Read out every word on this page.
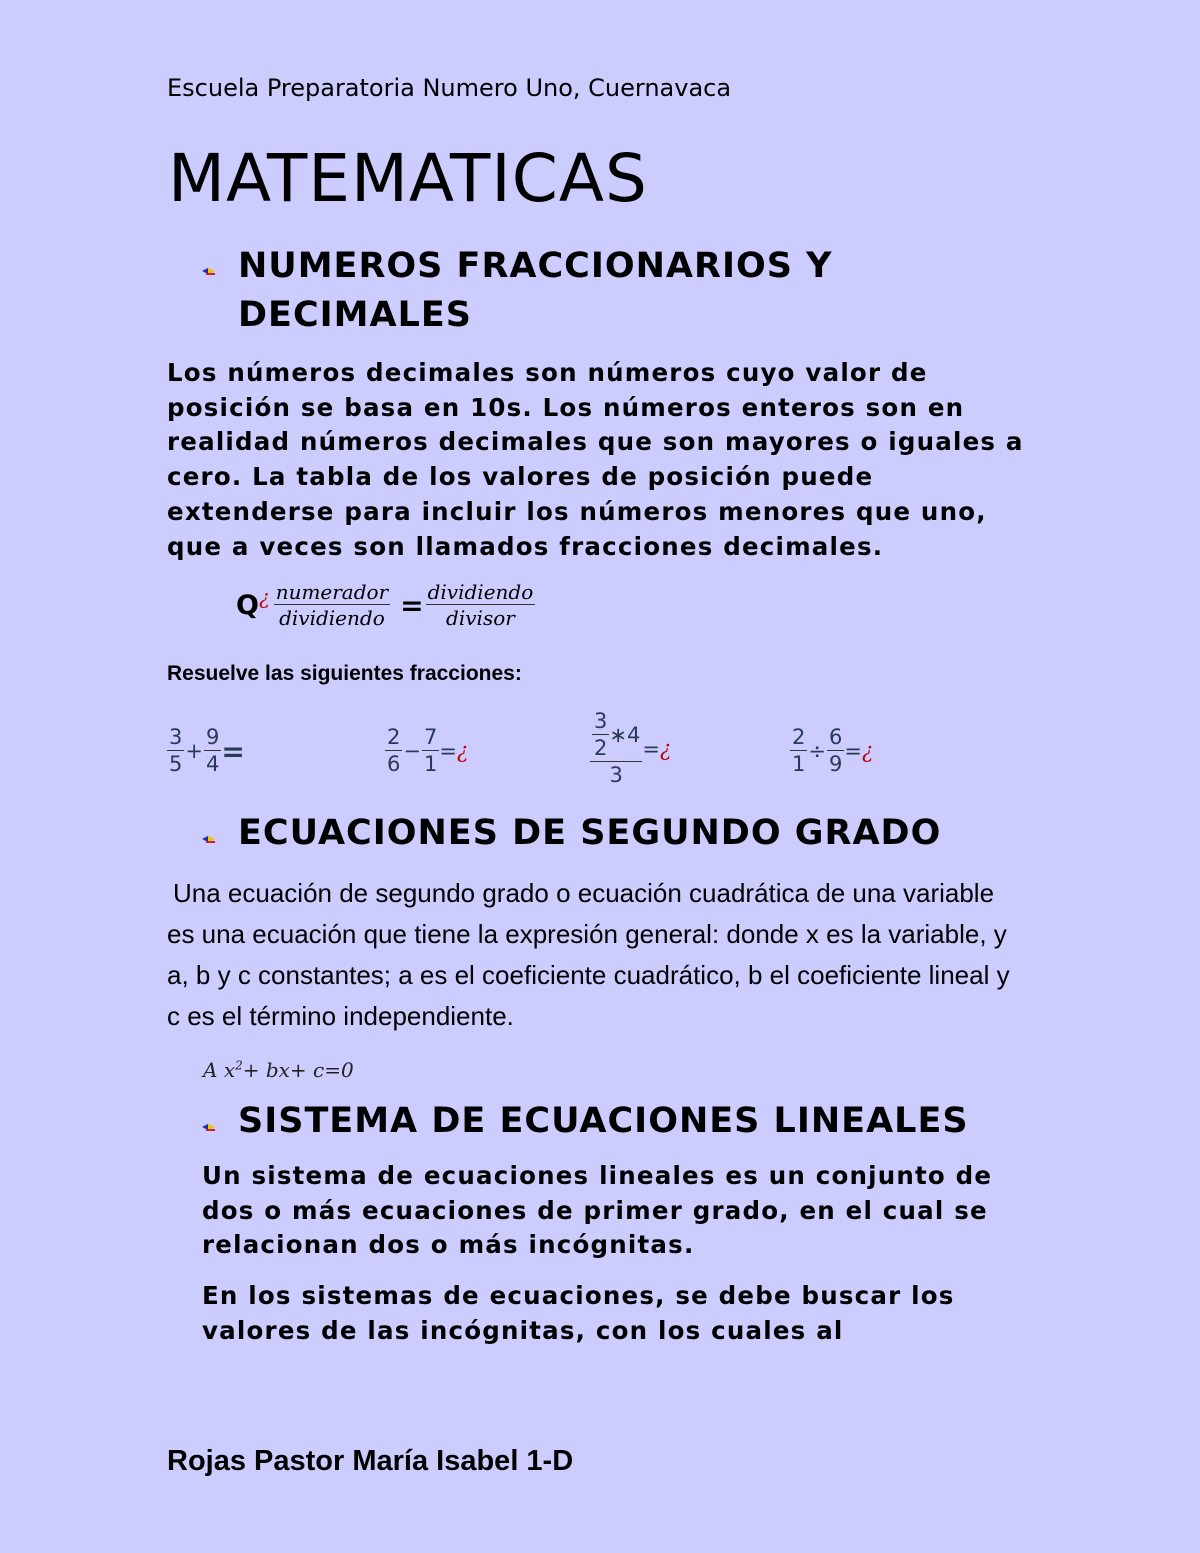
Escuela Preparatoria Numero Uno, Cuernavaca
MATEMATICAS
NUMEROS FRACCIONARIOS Y
DECIMALES
Los números decimales son números cuyo valor de posición se basa en 10s. Los números enteros son en realidad números decimales que son mayores o iguales a cero. La tabla de los valores de posición puede extenderse para incluir los números menores que uno, que a veces son llamados fracciones decimales.
Q ¿ $\frac{\text{numerador}}{\text{dividiendo}} = \frac{\text{dividiendo}}{\text{divisor}}$
Resuelve las siguientes fracciones:
$\frac{3}{5} + \frac{9}{4}$ =	$\frac{2}{6} - \frac{7}{1}$ = ¿	$\frac{\frac{3}{2} ∗4}{3}$ = ¿	$\frac{2}{1} \div \frac{6}{9}$ = ¿
ECUACIONES DE SEGUNDO GRADO
Una ecuación de segundo grado o ecuación cuadrática de una variable es una ecuación que tiene la expresión general: donde x es la variable, y a, b y c constantes; a es el coeficiente cuadrático, b el coeficiente lineal y c es el término independiente.
A $x^2+ bx+ c=0$
SISTEMA DE ECUACIONES LINEALES
Un sistema de ecuaciones lineales es un conjunto de dos o más ecuaciones de primer grado, en el cual se relacionan dos o más incógnitas.
En los sistemas de ecuaciones, se debe buscar los valores de las incógnitas, con los cuales al
Rojas Pastor María Isabel 1-D
